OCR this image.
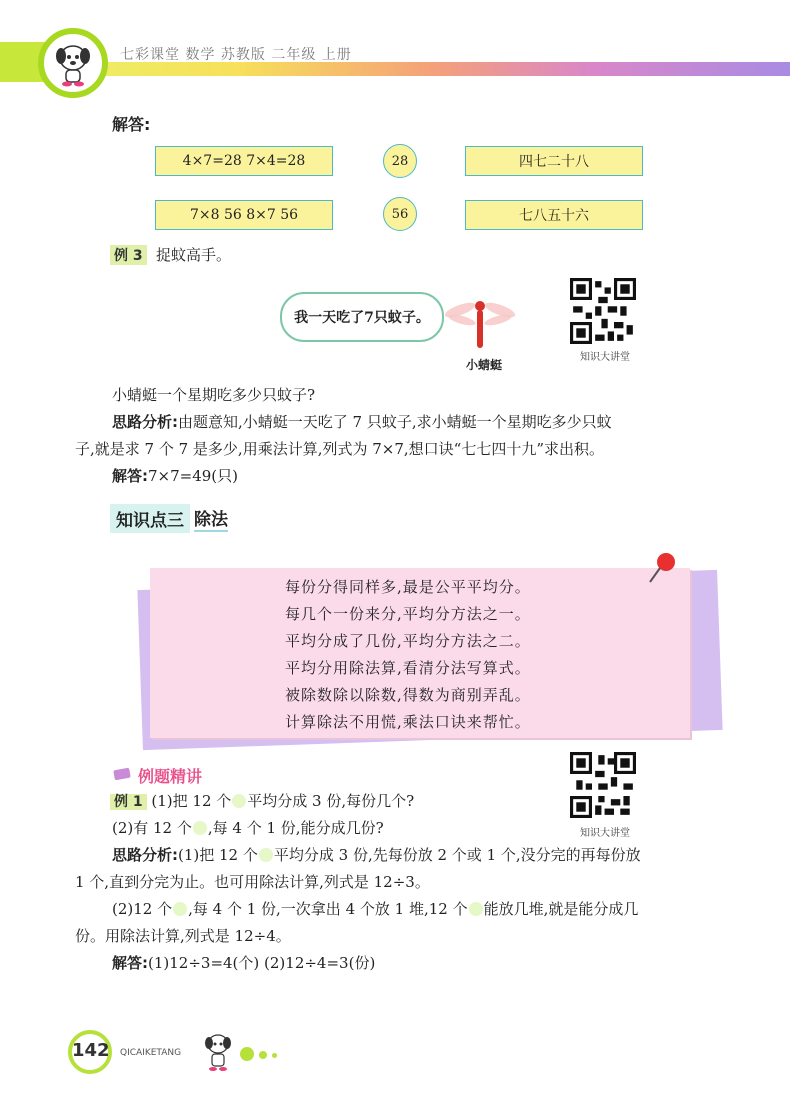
七彩课堂 数学 苏教版 二年级 上册
解答:
4×7=28 7×4=28	28	四七二十八
7×8 56 8×7 56	56	七八五十六
例 3 捉蚊高手。
我一天吃了7只蚊子。
小蜻蜓
知识大讲堂
小蜻蜓一个星期吃多少只蚊子?
思路分析:由题意知,小蜻蜓一天吃了 7 只蚊子,求小蜻蜓一个星期吃多少只蚊
子,就是求 7 个 7 是多少,用乘法计算,列式为 7×7,想口诀“七七四十九”求出积。
解答:7×7=49(只)
知识点三 除法
每份分得同样多,最是公平平均分。
每几个一份来分,平均分方法之一。
平均分成了几份,平均分方法之二。
平均分用除法算,看清分法写算式。
被除数除以除数,得数为商别弄乱。
计算除法不用慌,乘法口诀来帮忙。
例题精讲
知识大讲堂
例 1 (1)把 12 个 平均分成 3 份,每份几个?
(2)有 12 个 ,每 4 个 1 份,能分成几份?
思路分析:(1)把 12 个 平均分成 3 份,先每份放 2 个或 1 个,没分完的再每份放
1 个,直到分完为止。也可用除法计算,列式是 12÷3。
(2)12 个 ,每 4 个 1 份,一次拿出 4 个放 1 堆,12 个 能放几堆,就是能分成几
份。用除法计算,列式是 12÷4。
解答:(1)12÷3=4(个) (2)12÷4=3(份)
142 QICAIKETANG
